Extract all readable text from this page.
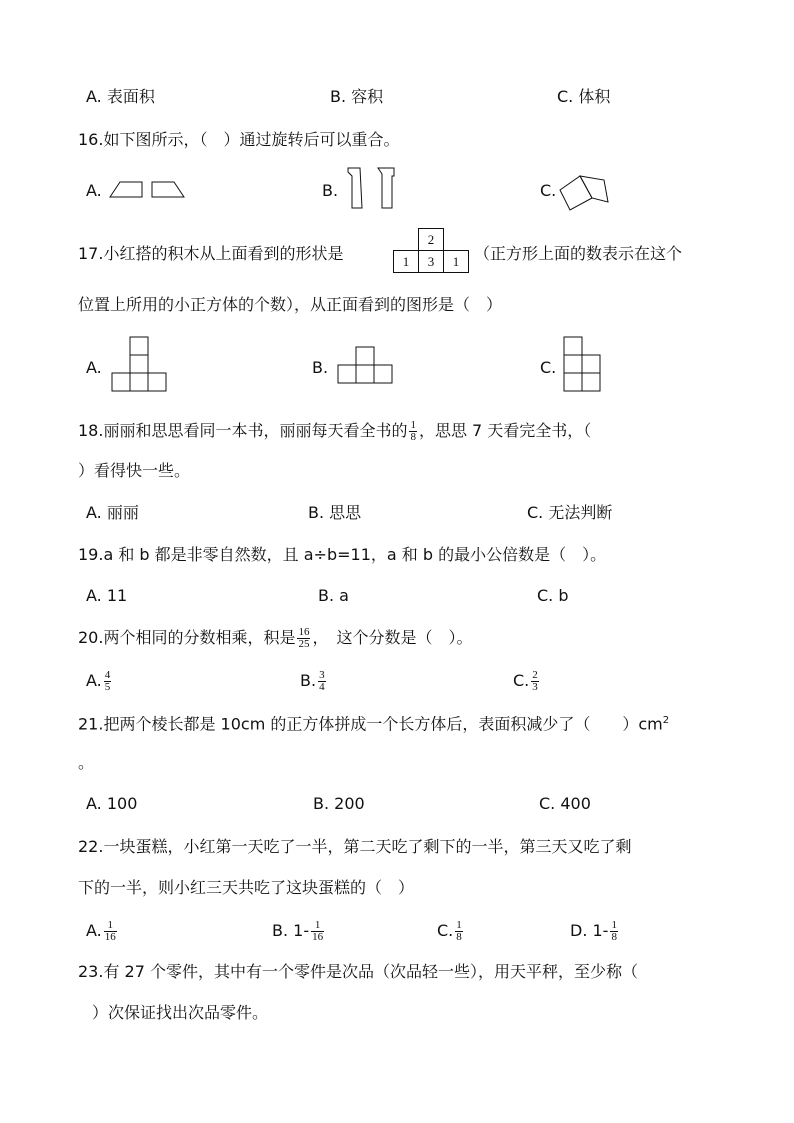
A. 表面积	B. 容积	C. 体积
16.如下图所示，（　）通过旋转后可以重合。
A.	B.	C.
17.小红搭的积木从上面看到的形状是
	2	
1	3	1 （正方形上面的数表示在这个
位置上所用的小正方体的个数），从正面看到的图形是（　）
A.	B.	C.
18.丽丽和思思看同一本书，丽丽每天看全书的 $\frac{1}{8}$ ，思思 7 天看完全书，（
）看得快一些。
A. 丽丽	B. 思思	C. 无法判断
19.a 和 b 都是非零自然数，且 a÷b=11，a 和 b 的最小公倍数是（　）。
A. 11	B. a	C. b
20.两个相同的分数相乘，积是 $\frac{16}{25}$ ，　这个分数是（　）。
A. $\frac{4}{5}$	B. $\frac{3}{4}$	C. $\frac{2}{3}$
21.把两个棱长都是 10cm 的正方体拼成一个长方体后，表面积减少了（　　）$cm^2$
。
A. 100	B. 200	C. 400
22.一块蛋糕，小红第一天吃了一半，第二天吃了剩下的一半，第三天又吃了剩
下的一半，则小红三天共吃了这块蛋糕的（　）
A. $\frac{1}{16}$	B. $1- \frac{1}{16}$	C. $\frac{1}{8}$	D. $1- \frac{1}{8}$
23.有 27 个零件，其中有一个零件是次品（次品轻一些），用天平秤，至少称（
）次保证找出次品零件。
